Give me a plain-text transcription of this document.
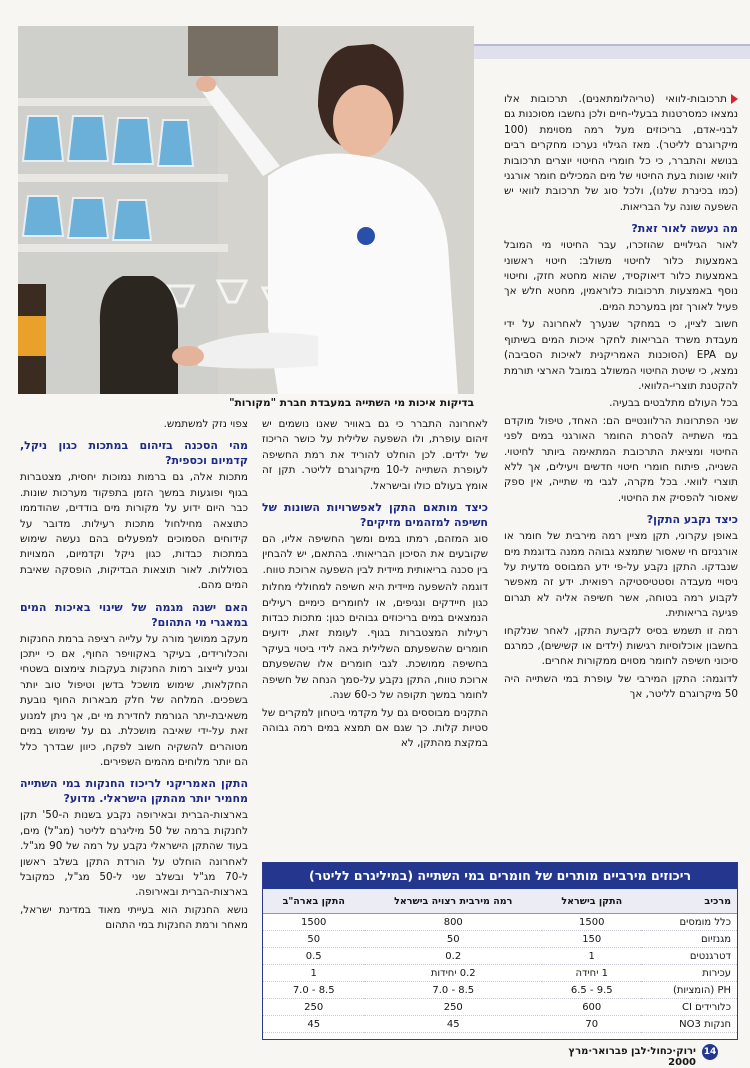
בדיקות איכות מי השתייה במעבדת חברת "מקורות"

תרכובות-לוואי (טריהלומתאנים). תרכובות אלו נמצאו כמסרטנות בבעלי-חיים ולכן נחשבו מסוכנות גם לבני-אדם, בריכוזים מעל רמה מסוימת (100 מיקרוגרם לליטר). מאז הגילוי נערכו מחקרים רבים בנושא והתברר, כי כל חומרי החיטוי יוצרים תרכובות לוואי שונות בעת החיטוי של מים המכילים חומר אורגני (כמו בכינרת שלנו), ולכל סוג של תרכובת לוואי יש השפעה שונה על הבריאות.

מה נעשה לאור זאת?

לאור הגילויים שהוזכרו, עבר החיטוי מי המובל באמצעות כלור לחיטוי משולב: חיטוי ראשוני באמצעות כלור דיאוקסיד, שהוא מחטא חזק, וחיטוי נוסף באמצעות תרכובות כלוראמין, מחטא חלש אך פעיל לאורך זמן במערכת המים.

חשוב לציין, כי במחקר שנערך לאחרונה על ידי מעבדת משרד הבריאות לחקר איכות המים בשיתוף עם EPA (הסוכנות האמריקנית לאיכות הסביבה) נמצא, כי שיטת החיטוי המשולב במובל הארצי תורמת להקטנת תוצרי-הלוואי.

בכל העולם מתלבטים בבעיה.

שני הפתרונות הרלוונטיים הם: האחד, טיפול מוקדם במי השתייה להסרת החומר האורגני במים לפני החיטוי ומציאת התרכובת המתאימה ביותר לחיטוי. השנייה, פיתוח חומרי חיטוי חדשים ויעילים, אך ללא תוצרי לוואי. בכל מקרה, לגבי מי שתייה, אין ספק שאסור להפסיק את החיטוי.

כיצד נקבע התקן?

באופן עקרוני, תקן מציין רמה מירבית של חומר או אורגניזם חי שאסור שתמצא גבוהה ממנה בדוגמת מים שנבדקו. התקן נקבע על-פי ידע המבוסס מדעית על ניסויי מעבדה וסטטיסטיקה רפואית. ידע זה מאפשר לקבוע רמה בטוחה, אשר חשיפה אליה לא תגרום פגיעה בריאותית.

רמה זו תשמש בסיס לקביעת התקן, לאחר שנלקחו בחשבון אוכלוסיות רגישות (ילדים או קשישים), כמרגם סיכוני חשיפה לחומר מסוים ממקורות אחרים.

לדוגמה: התקן המירבי של עופרת במי השתייה היה 50 מיקרוגרם לליטר, אך

לאחרונה התברר כי גם באוויר שאנו נושמים יש זיהום עופרת, ולו השפעה שלילית על כושר הריכוז של ילדים. לכן הוחלט להוריד את רמת החשיפה לעופרת השתייה ל-10 מיקרוגרם לליטר. תקן זה אומץ בעולם כולו ובישראל.

כיצד מותאם התקן לאפשרויות השונות של חשיפה למזהמים מזיקים?

סוג המזהם, רמתו במים ומשך החשיפה אליו, הם שקובעים את הסיכון הבריאותי. בהתאם, יש להבחין בין סכנה בריאותית מיידית לבין השפעה ארוכת טווח.

דוגמה להשפעה מיידית היא חשיפה למחוללי מחלות כגון חיידקים ונגיפים, או לחומרים כימיים רעילים הנמצאים במים בריכוזים גבוהים כגון: מתכות כבדות רעילות המצטברות בגוף. לעומת זאת, ידועים חומרים שהשפעתם השלילית באה לידי ביטוי בעיקר בחשיפה ממושכת. לגבי חומרים אלו שהשפעתם ארוכת טווח, התקן נקבע על-סמך הנחה של חשיפה לחומר במשך תקופה של כ-60 שנה.

התקנים מבוססים גם על מקדמי ביטחון למקרים של סטיות קלות. כך שגם אם תמצא במים רמה גבוהה במקצת מהתקן, לא

צפוי נזק למשתמש.

מהי הסכנה בזיהום במתכות כגון ניקל, קדמיום וכספית?

מתכות אלה, גם ברמות נמוכות יחסית, מצטברות בגוף ופוגעות במשך הזמן בתפקוד מערכות שונות. כבר היום ידוע על מקורות מים בודדים, שהודממו כתוצאה מחילחול מתכות רעילות. מדובר על קידוחים הסמוכים למפעלים בהם נעשה שימוש במתכות כבדות, כגון ניקל וקדמיום, המצויות בסוללות. לאור תוצאות הבדיקות, הופסקה שאיבת המים מהם.

האם ישנה מגמה של שינוי באיכות המים במאגרי מי התהום?

מעקב ממושך מורה על עלייה רציפה ברמת החנקות והכלורידים, בעיקר באקוויפר החוף, אם כי ייתכן וגניע לייצוב רמות החנקות בעקבות צימצום בשטחי החקלאות, שימוש מושכל בדשן וטיפול טוב יותר בשפכים. המלחה של חלק מבארות החוף נובעת משאיבת-יתר הגורמת לחדירת מי ים, אך ניתן למנוע זאת על-ידי שאיבה מושכלת. גם על שימוש במים מטוהרים להשקיה חשוב לפקח, כיוון שבדרך כלל הם יותר מלוחים מהמים השפירים.

התקן האמריקני לריכוז החנקות במי השתייה מחמיר יותר מהתקן הישראלי. מדוע?

בארצות-הברית ובאירופה נקבע בשנות ה-50' תקן לחנקות ברמה של 50 מיליגרם לליטר (מג"ל) מים, בעוד שהתקן הישראלי נקבע על רמה של 90 מג"ל. לאחרונה הוחלט על הורדת התקן בשלב ראשון ל-70 מג"ל ובשלב שני ל-50 מג"ל, כמקובל בארצות-הברית ובאירופה.

נושא החנקות הוא בעייתי מאוד במדינת ישראל, מאחר ורמת החנקות במי התהום

ריכוזים מירביים מותרים של חומרים במי השתייה (במיליגרם לליטר)
מרכיב	התקן בישראל	רמה מירבית רצויה בישראל	התקן בארה"ב
כלל מומסים	1500	800	1500
מגנזיום	150	50	50
דטרגנטים	1	0.2	0.5
עכירות	1 יחידה	0.2 יחידות	1
PH (הומציות)	9.5 - 6.5	8.5 - 7.0	8.5 - 7.0
כלורידים CI	600	250	250
חנקות NO3	70	45	45
ירוק·כחול·לבן פברואר·מרץ 2000
14
